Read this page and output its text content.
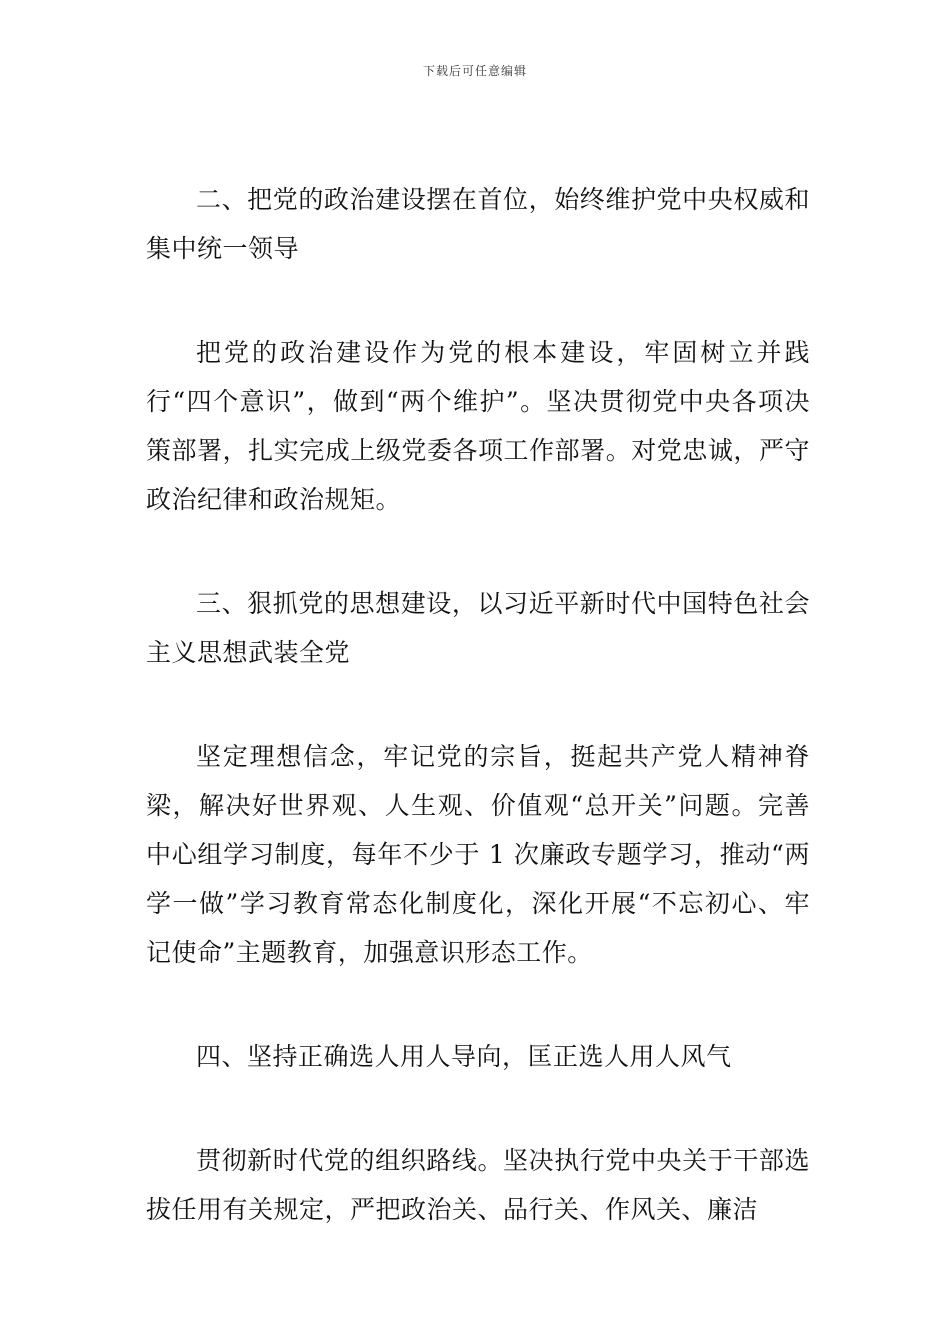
下载后可任意编辑

二、把党的政治建设摆在首位，始终维护党中央权威和集中统一领导

把党的政治建设作为党的根本建设，牢固树立并践行“四个意识”，做到“两个维护”。坚决贯彻党中央各项决策部署，扎实完成上级党委各项工作部署。对党忠诚，严守政治纪律和政治规矩。

三、狠抓党的思想建设，以习近平新时代中国特色社会主义思想武装全党

坚定理想信念，牢记党的宗旨，挺起共产党人精神脊梁，解决好世界观、人生观、价值观“总开关”问题。完善中心组学习制度，每年不少于 1 次廉政专题学习，推动“两学一做”学习教育常态化制度化，深化开展“不忘初心、牢记使命”主题教育，加强意识形态工作。

四、坚持正确选人用人导向，匡正选人用人风气

贯彻新时代党的组织路线。坚决执行党中央关于干部选拔任用有关规定，严把政治关、品行关、作风关、廉洁
